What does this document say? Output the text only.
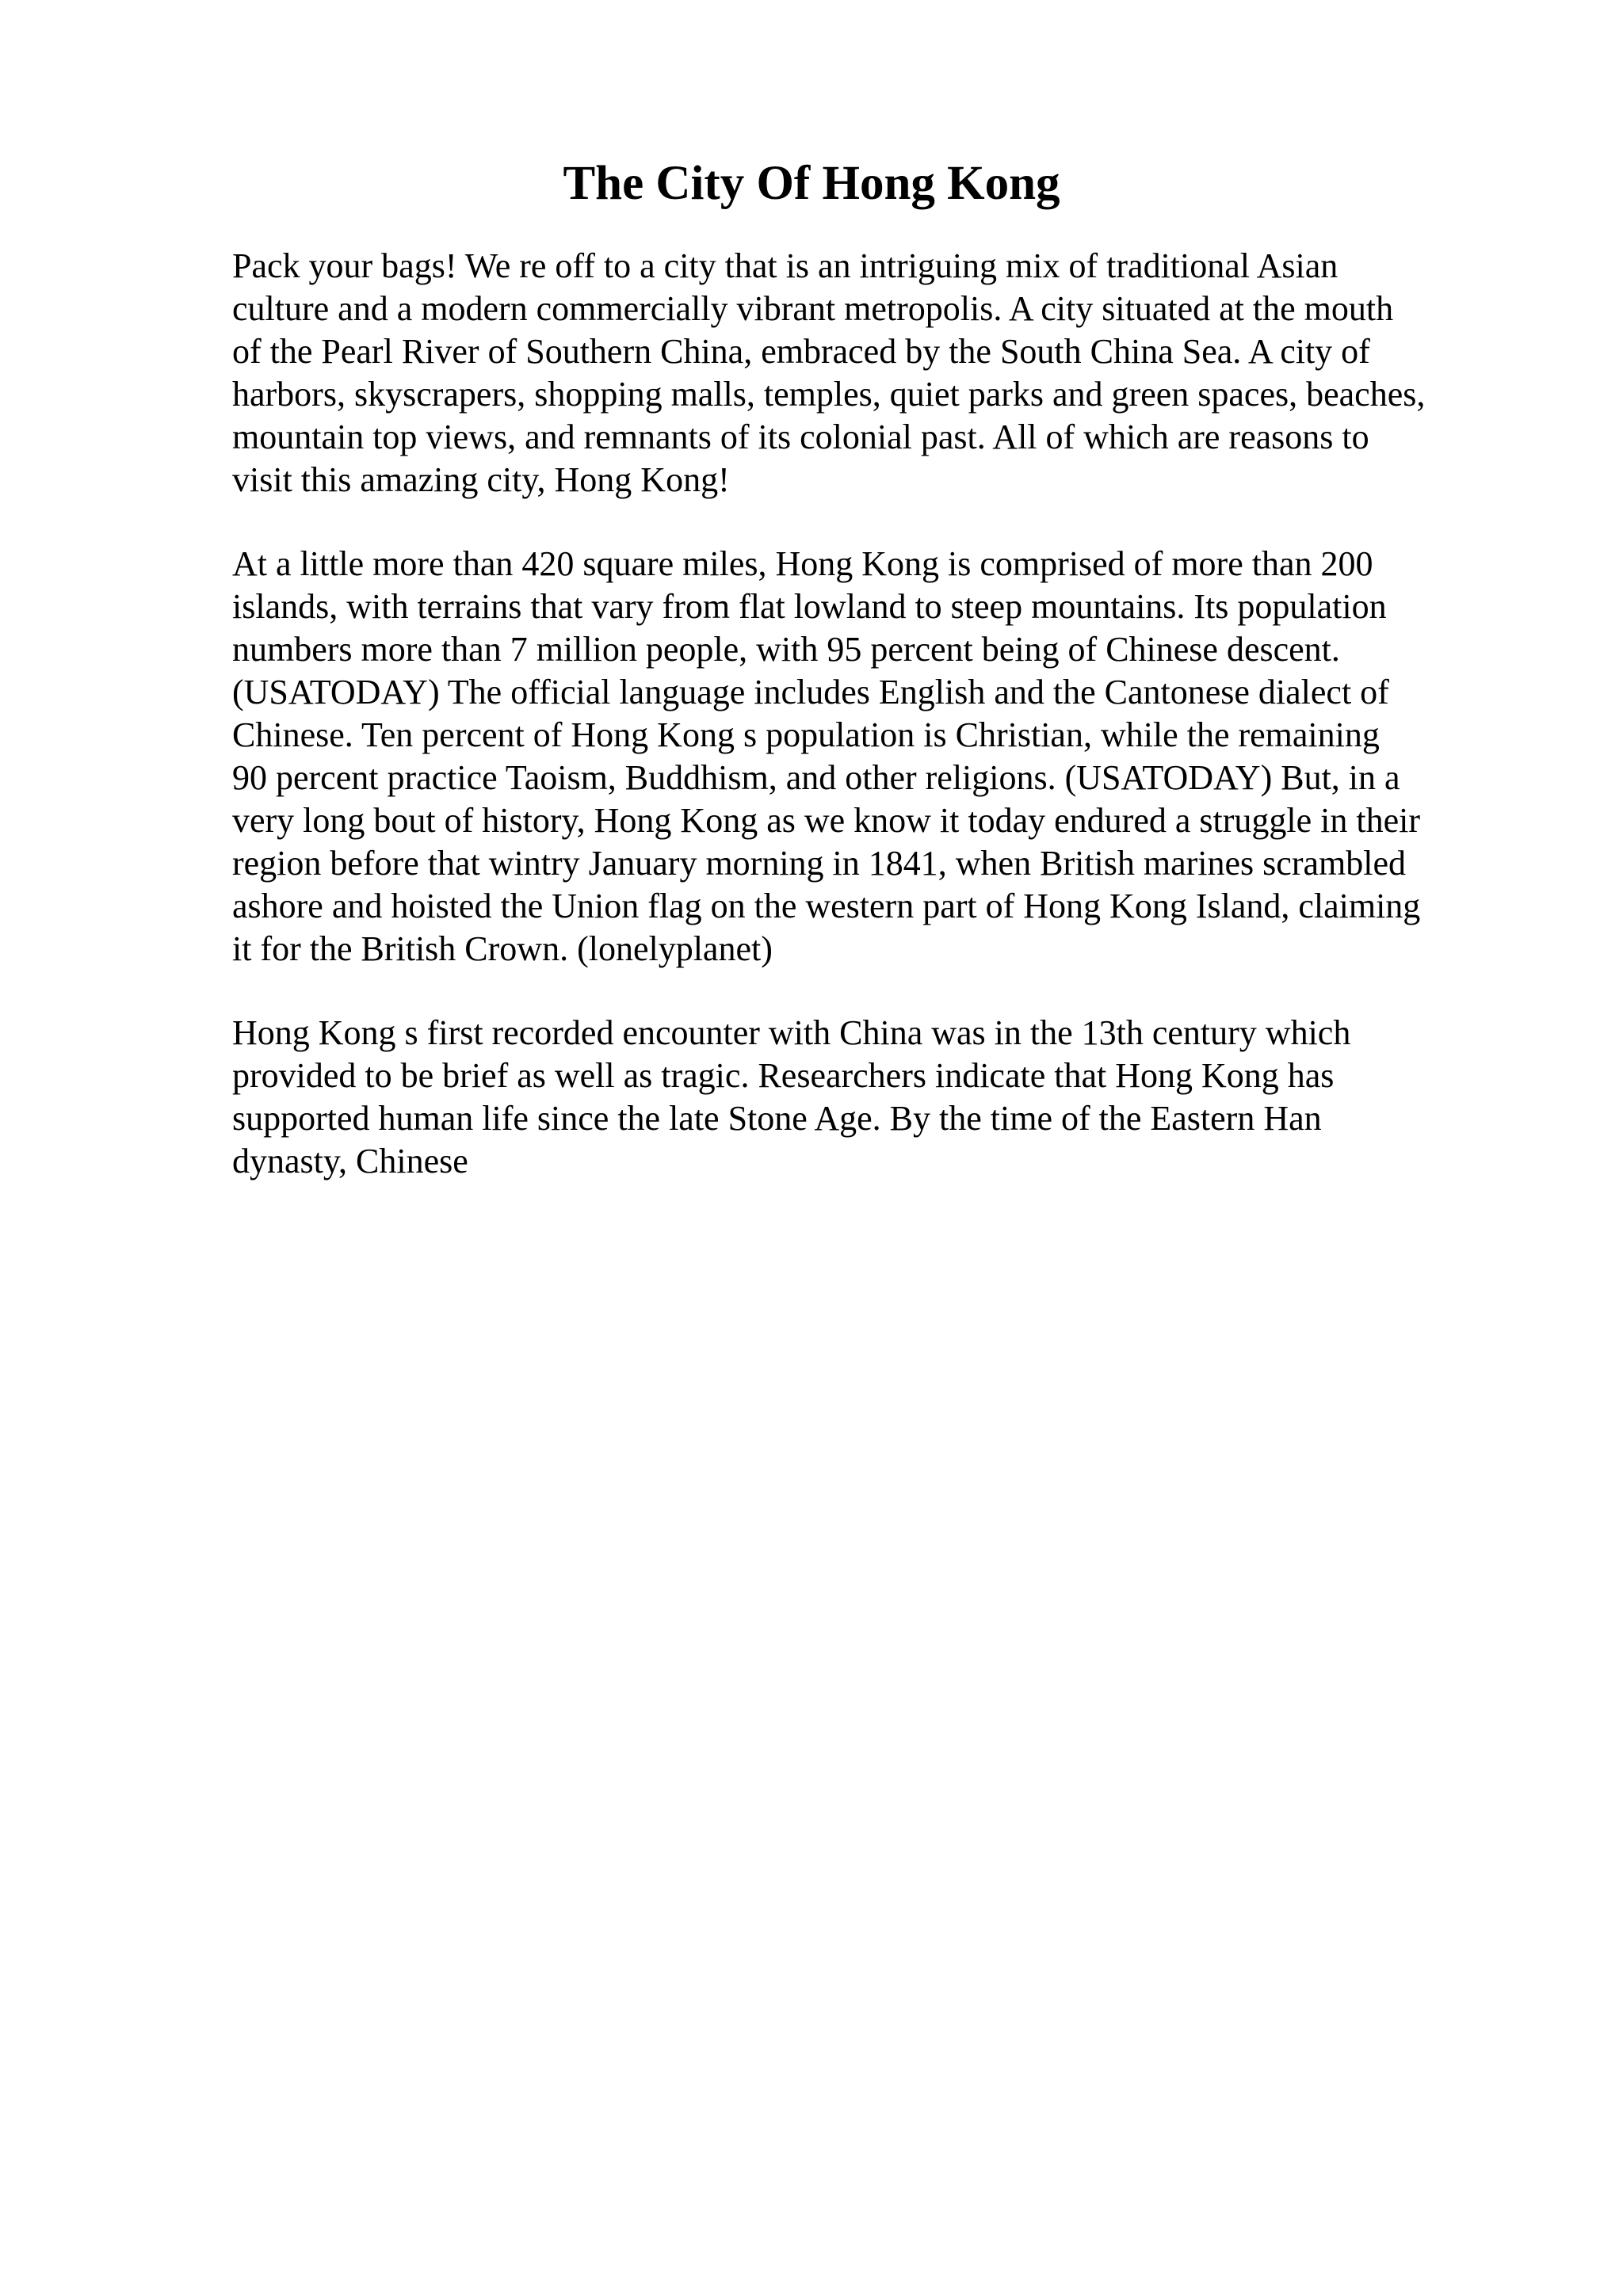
The City Of Hong Kong

Pack your bags! We re off to a city that is an intriguing mix of traditional Asian
culture and a modern commercially vibrant metropolis. A city situated at the mouth
of the Pearl River of Southern China, embraced by the South China Sea. A city of
harbors, skyscrapers, shopping malls, temples, quiet parks and green spaces, beaches,
mountain top views, and remnants of its colonial past. All of which are reasons to
visit this amazing city, Hong Kong!

At a little more than 420 square miles, Hong Kong is comprised of more than 200
islands, with terrains that vary from flat lowland to steep mountains. Its population
numbers more than 7 million people, with 95 percent being of Chinese descent.
(USATODAY) The official language includes English and the Cantonese dialect of
Chinese. Ten percent of Hong Kong s population is Christian, while the remaining
90 percent practice Taoism, Buddhism, and other religions. (USATODAY) But, in a
very long bout of history, Hong Kong as we know it today endured a struggle in their
region before that wintry January morning in 1841, when British marines scrambled
ashore and hoisted the Union flag on the western part of Hong Kong Island, claiming
it for the British Crown. (lonelyplanet)

Hong Kong s first recorded encounter with China was in the 13th century which
provided to be brief as well as tragic. Researchers indicate that Hong Kong has
supported human life since the late Stone Age. By the time of the Eastern Han
dynasty, Chinese
